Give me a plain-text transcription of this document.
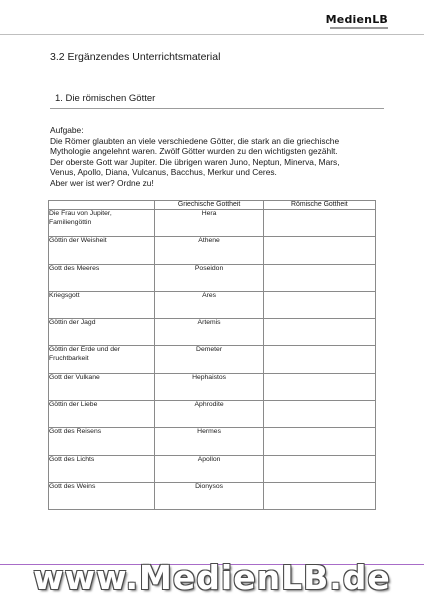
MedienLB
3.2 Ergänzendes Unterrichtsmaterial
1. Die römischen Götter
Aufgabe:
Die Römer glaubten an viele verschiedene Götter, die stark an die griechische
Mythologie angelehnt waren. Zwölf Götter wurden zu den wichtigsten gezählt.
Der oberste Gott war Jupiter. Die übrigen waren Juno, Neptun, Minerva, Mars,
Venus, Apollo, Diana, Vulcanus, Bacchus, Merkur und Ceres.
Aber wer ist wer? Ordne zu!
	Griechische Gottheit	Römische Gottheit
Die Frau von Jupiter, Familiengöttin	Hera	
Göttin der Weisheit	Athene	
Gott des Meeres	Poseidon	
Kriegsgott	Ares	
Göttin der Jagd	Artemis	
Göttin der Erde und der Fruchtbarkeit	Demeter	
Gott der Vulkane	Hephaistos	
Göttin der Liebe	Aphrodite	
Gott des Reisens	Hermes	
Gott des Lichts	Apollon	
Gott des Weins	Dionysos	
www.MedienLB.de
